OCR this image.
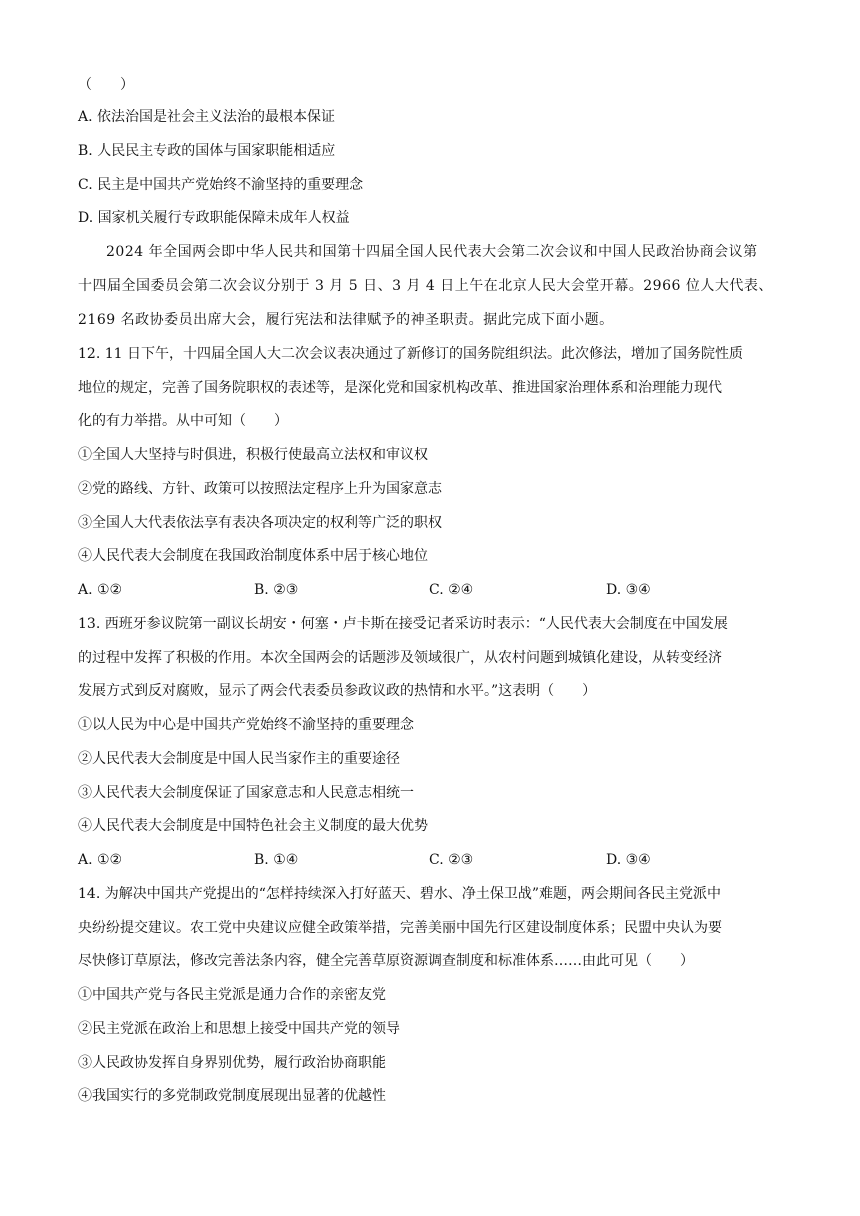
（　　）
A. 依法治国是社会主义法治的最根本保证
B. 人民民主专政的国体与国家职能相适应
C. 民主是中国共产党始终不渝坚持的重要理念
D. 国家机关履行专政职能保障未成年人权益
2024 年全国两会即中华人民共和国第十四届全国人民代表大会第二次会议和中国人民政治协商会议第
十四届全国委员会第二次会议分别于 3 月 5 日、3 月 4 日上午在北京人民大会堂开幕。2966 位人大代表、
2169 名政协委员出席大会，履行宪法和法律赋予的神圣职责。据此完成下面小题。
12. 11 日下午，十四届全国人大二次会议表决通过了新修订的国务院组织法。此次修法，增加了国务院性质
地位的规定，完善了国务院职权的表述等，是深化党和国家机构改革、推进国家治理体系和治理能力现代
化的有力举措。从中可知（　　）
①全国人大坚持与时俱进，积极行使最高立法权和审议权
②党的路线、方针、政策可以按照法定程序上升为国家意志
③全国人大代表依法享有表决各项决定的权利等广泛的职权
④人民代表大会制度在我国政治制度体系中居于核心地位
A. ①②	B. ②③	C. ②④	D. ③④
13. 西班牙参议院第一副议长胡安・何塞・卢卡斯在接受记者采访时表示：“人民代表大会制度在中国发展
的过程中发挥了积极的作用。本次全国两会的话题涉及领域很广，从农村问题到城镇化建设，从转变经济
发展方式到反对腐败，显示了两会代表委员参政议政的热情和水平。”这表明（　　）
①以人民为中心是中国共产党始终不渝坚持的重要理念
②人民代表大会制度是中国人民当家作主的重要途径
③人民代表大会制度保证了国家意志和人民意志相统一
④人民代表大会制度是中国特色社会主义制度的最大优势
A. ①②	B. ①④	C. ②③	D. ③④
14. 为解决中国共产党提出的“怎样持续深入打好蓝天、碧水、净土保卫战”难题，两会期间各民主党派中
央纷纷提交建议。农工党中央建议应健全政策举措，完善美丽中国先行区建设制度体系；民盟中央认为要
尽快修订草原法，修改完善法条内容，健全完善草原资源调查制度和标准体系……由此可见（　　）
①中国共产党与各民主党派是通力合作的亲密友党
②民主党派在政治上和思想上接受中国共产党的领导
③人民政协发挥自身界别优势，履行政治协商职能
④我国实行的多党制政党制度展现出显著的优越性
